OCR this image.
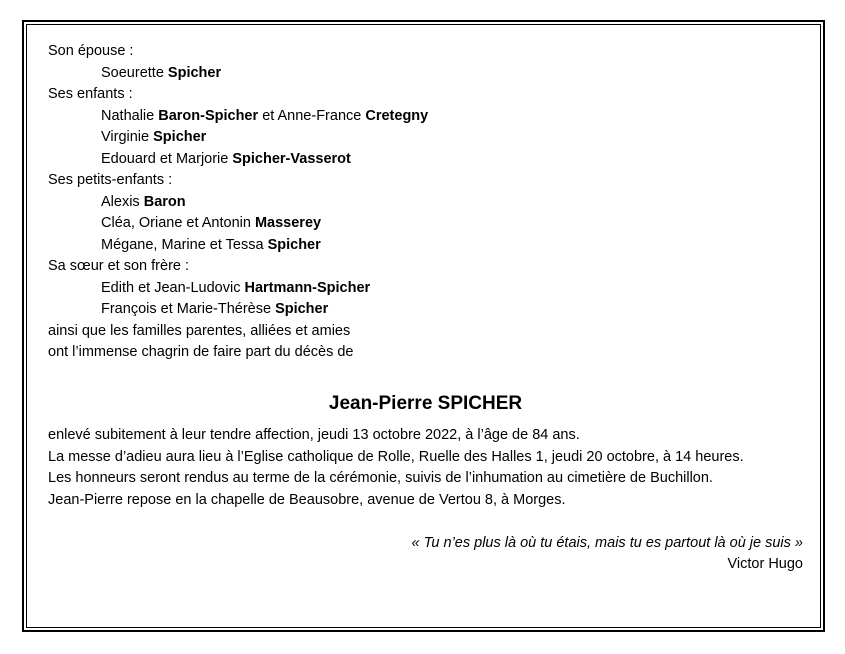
Son épouse :
Soeurette Spicher
Ses enfants :
Nathalie Baron-Spicher et Anne-France Cretegny
Virginie Spicher
Edouard et Marjorie Spicher-Vasserot
Ses petits-enfants :
Alexis Baron
Cléa, Oriane et Antonin Masserey
Mégane, Marine et Tessa Spicher
Sa sœur et son frère :
Edith et Jean-Ludovic Hartmann-Spicher
François et Marie-Thérèse Spicher
ainsi que les familles parentes, alliées et amies
ont l’immense chagrin de faire part du décès de
Jean-Pierre SPICHER
enlevé subitement à leur tendre affection, jeudi 13 octobre 2022, à l’âge de 84 ans.
La messe d’adieu aura lieu à l’Eglise catholique de Rolle, Ruelle des Halles 1, jeudi 20 octobre, à 14 heures.
Les honneurs seront rendus au terme de la cérémonie, suivis de l’inhumation au cimetière de Buchillon.
Jean-Pierre repose en la chapelle de Beausobre, avenue de Vertou 8, à Morges.
« Tu n’es plus là où tu étais, mais tu es partout là où je suis »
Victor Hugo
